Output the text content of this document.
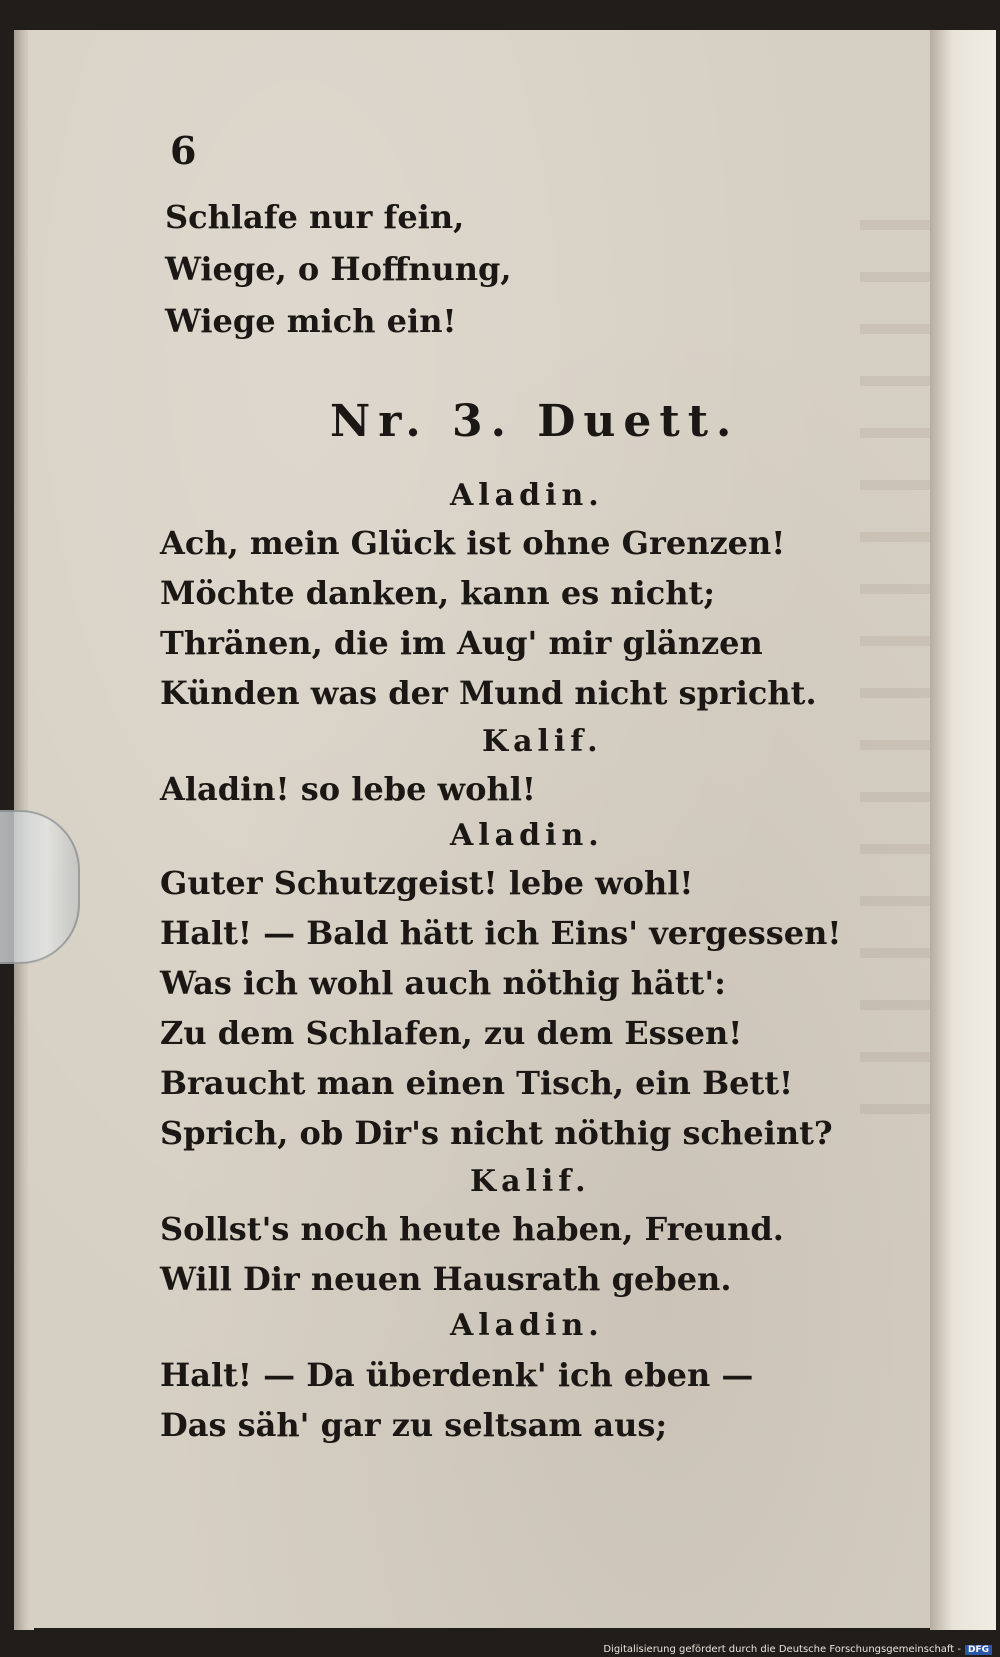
6
Schlafe nur fein,
Wiege, o Hoffnung,
Wiege mich ein!
Nr. 3. Duett.
Aladin.
Ach, mein Glück ist ohne Grenzen!
Möchte danken, kann es nicht;
Thränen, die im Aug' mir glänzen
Künden was der Mund nicht spricht.
Kalif.
Aladin! so lebe wohl!
Aladin.
Guter Schutzgeist! lebe wohl!
Halt! — Bald hätt ich Eins' vergessen!
Was ich wohl auch nöthig hätt':
Zu dem Schlafen, zu dem Essen!
Braucht man einen Tisch, ein Bett!
Sprich, ob Dir's nicht nöthig scheint?
Kalif.
Sollst's noch heute haben, Freund.
Will Dir neuen Hausrath geben.
Aladin.
Halt! — Da überdenk' ich eben —
Das säh' gar zu seltsam aus;
Digitalisierung gefördert durch die Deutsche Forschungsgemeinschaft - DFG
